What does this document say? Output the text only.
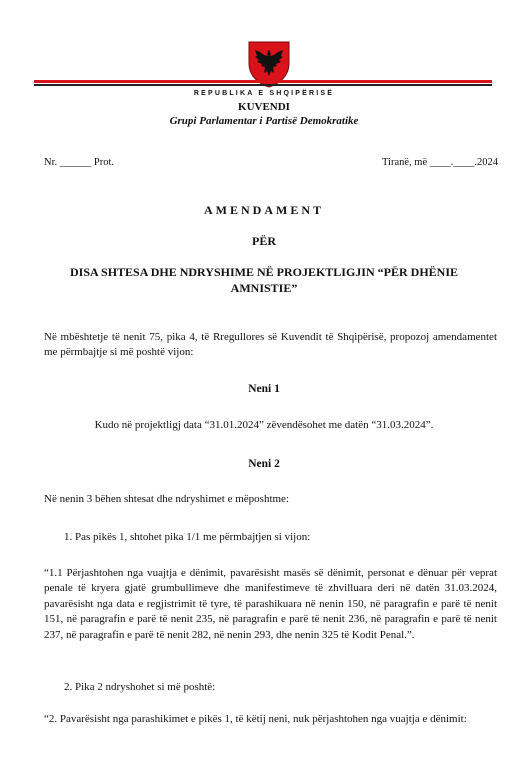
REPUBLIKA E SHQIPËRISË
KUVENDI
Grupi Parlamentar i Partisë Demokratike
Nr. ______ Prot.	Tiranë, më ____.____.2024
AMENDAMENT
PËR
DISA SHTESA DHE NDRYSHIME NË PROJEKTLIGJIN “PËR DHËNIE AMNISTIE”
Në mbështetje të nenit 75, pika 4, të Rregullores së Kuvendit të Shqipërisë, propozoj amendamentet me përmbajtje si më poshtë vijon:
Neni 1
Kudo në projektligj data “31.01.2024” zëvendësohet me datën “31.03.2024”.
Neni 2
Në nenin 3 bëhen shtesat dhe ndryshimet e mëposhtme:
1. Pas pikës 1, shtohet pika 1/1 me përmbajtjen si vijon:
“1.1 Përjashtohen nga vuajtja e dënimit, pavarësisht masës së dënimit, personat e dënuar për veprat penale të kryera gjatë grumbullimeve dhe manifestimeve të zhvilluara deri në datën 31.03.2024, pavarësisht nga data e regjistrimit të tyre, të parashikuara në nenin 150, në paragrafin e parë të nenit 151, në paragrafin e parë të nenit 235, në paragrafin e parë të nenit 236, në paragrafin e parë të nenit 237, në paragrafin e parë të nenit 282, në nenin 293, dhe nenin 325 të Kodit Penal.”.
2. Pika 2 ndryshohet si më poshtë:
“2. Pavarësisht nga parashikimet e pikës 1, të këtij neni, nuk përjashtohen nga vuajtja e dënimit:
